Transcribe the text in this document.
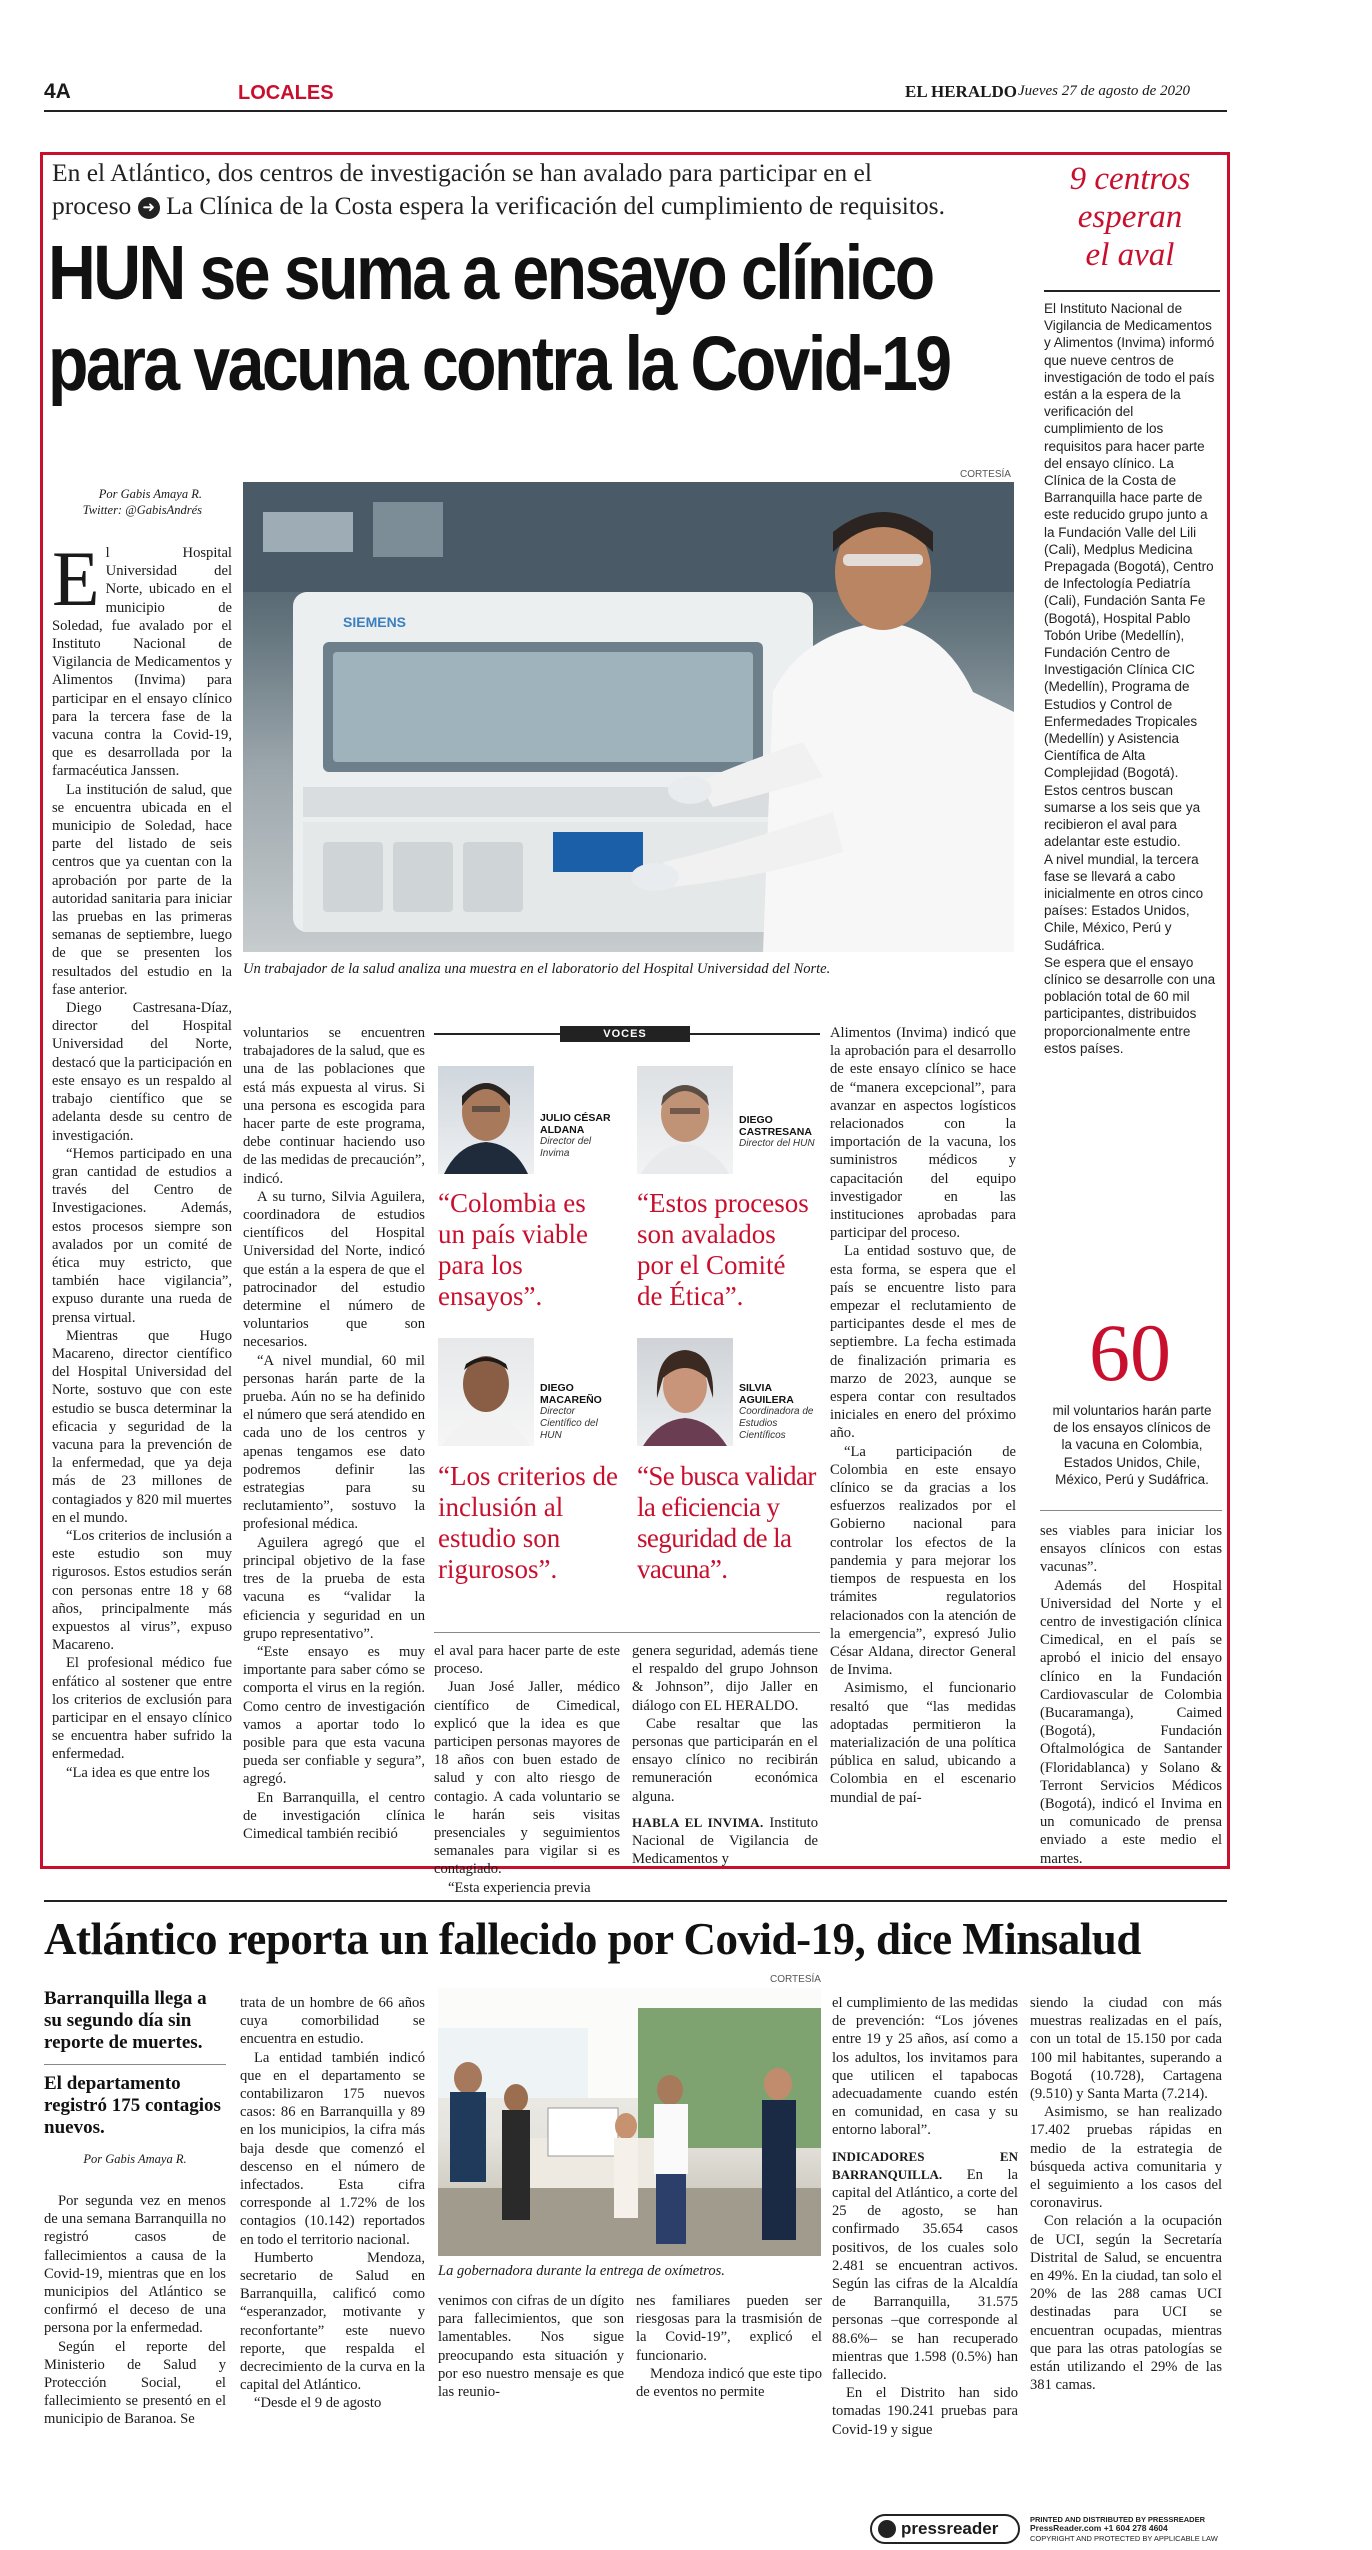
4A	LOCALES	EL HERALDO Jueves 27 de agosto de 2020
En el Atlántico, dos centros de investigación se han avalado para participar en el
proceso ➜ La Clínica de la Costa espera la verificación del cumplimiento de requisitos.
HUN se suma a ensayo clínico
para vacuna contra la Covid-19
9 centros
esperan
el aval

El Instituto Nacional de Vigilancia de Medicamentos y Alimentos (Invima) informó que nueve centros de investigación de todo el país están a la espera de la verificación del cumplimiento de los requisitos para hacer parte del ensayo clínico. La Clínica de la Costa de Barranquilla hace parte de este reducido grupo junto a la Fundación Valle del Lili (Cali), Medplus Medicina Prepagada (Bogotá), Centro de Infectología Pediatría (Cali), Fundación Santa Fe (Bogotá), Hospital Pablo Tobón Uribe (Medellín), Fundación Centro de Investigación Clínica CIC (Medellín), Programa de Estudios y Control de Enfermedades Tropicales (Medellín) y Asistencia Científica de Alta Complejidad (Bogotá).

Estos centros buscan sumarse a los seis que ya recibieron el aval para adelantar este estudio.

A nivel mundial, la tercera fase se llevará a cabo inicialmente en otros cinco países: Estados Unidos, Chile, México, Perú y Sudáfrica.

Se espera que el ensayo clínico se desarrolle con una población total de 60 mil participantes, distribuidos proporcionalmente entre estos países.

60
mil voluntarios harán parte de los ensayos clínicos de la vacuna en Colombia, Estados Unidos, Chile, México, Perú y Sudáfrica.
Por Gabis Amaya R.
Twitter: @GabisAndrés
CORTESÍA
SIEMENS
Un trabajador de la salud analiza una muestra en el laboratorio del Hospital Universidad del Norte.

El Hospital Universidad del Norte, ubicado en el municipio de Soledad, fue avalado por el Instituto Nacional de Vigilancia de Medicamentos y Alimentos (Invima) para participar en el ensayo clínico para la tercera fase de la vacuna contra la Covid-19, que es desarrollada por la farmacéutica Janssen.

La institución de salud, que se encuentra ubicada en el municipio de Soledad, hace parte del listado de seis centros que ya cuentan con la aprobación por parte de la autoridad sanitaria para iniciar las pruebas en las primeras semanas de septiembre, luego de que se presenten los resultados del estudio en la fase anterior.

Diego Castresana-Díaz, director del Hospital Universidad del Norte, destacó que la participación en este ensayo es un respaldo al trabajo científico que se adelanta desde su centro de investigación.

“Hemos participado en una gran cantidad de estudios a través del Centro de Investigaciones. Además, estos procesos siempre son avalados por un comité de ética muy estricto, que también hace vigilancia”, expuso durante una rueda de prensa virtual.

Mientras que Hugo Macareno, director científico del Hospital Universidad del Norte, sostuvo que con este estudio se busca determinar la eficacia y seguridad de la vacuna para la prevención de la enfermedad, que ya deja más de 23 millones de contagiados y 820 mil muertes en el mundo.

“Los criterios de inclusión a este estudio son muy rigurosos. Estos estudios serán con personas entre 18 y 68 años, principalmente más expuestos al virus”, expuso Macareno.

El profesional médico fue enfático al sostener que entre los criterios de exclusión para participar en el ensayo clínico se encuentra haber sufrido la enfermedad.

“La idea es que entre los

voluntarios se encuentren trabajadores de la salud, que es una de las poblaciones que está más expuesta al virus. Si una persona es escogida para hacer parte de este programa, debe continuar haciendo uso de las medidas de precaución”, indicó.

A su turno, Silvia Aguilera, coordinadora de estudios científicos del Hospital Universidad del Norte, indicó que están a la espera de que el patrocinador del estudio determine el número de voluntarios que son necesarios.

“A nivel mundial, 60 mil personas harán parte de la prueba. Aún no se ha definido el número que será atendido en cada uno de los centros y apenas tengamos ese dato podremos definir las estrategias para su reclutamiento”, sostuvo la profesional médica.

Aguilera agregó que el principal objetivo de la fase tres de la prueba de esta vacuna es “validar la eficiencia y seguridad en un grupo representativo”.

“Este ensayo es muy importante para saber cómo se comporta el virus en la región. Como centro de investigación vamos a aportar todo lo posible para que esta vacuna pueda ser confiable y segura”, agregó.

En Barranquilla, el centro de investigación clínica Cimedical también recibió

VOCES
JULIO CÉSAR ALDANA
Director del Invima
“Colombia es un país viable para los ensayos”.
DIEGO CASTRESANA
Director del HUN
“Estos procesos son avalados por el Comité de Ética”.
DIEGO MACAREÑO
Director Científico del HUN
“Los criterios de inclusión al estudio son rigurosos”.
SILVIA AGUILERA
Coordinadora de Estudios Científicos
“Se busca validar la eficiencia y seguridad de la vacuna”.

el aval para hacer parte de este proceso.

Juan José Jaller, médico científico de Cimedical, explicó que la idea es que participen personas mayores de 18 años con buen estado de salud y con alto riesgo de contagio. A cada voluntario se le harán seis visitas presenciales y seguimientos semanales para vigilar si es contagiado.

“Esta experiencia previa

genera seguridad, además tiene el respaldo del grupo Johnson & Johnson”, dijo Jaller en diálogo con EL HERALDO.

Cabe resaltar que las personas que participarán en el ensayo clínico no recibirán remuneración económica alguna.

HABLA EL INVIMA. Instituto Nacional de Vigilancia de Medicamentos y

Alimentos (Invima) indicó que la aprobación para el desarrollo de este ensayo clínico se hace de “manera excepcional”, para avanzar en aspectos logísticos relacionados con la importación de la vacuna, los suministros médicos y capacitación del equipo investigador en las instituciones aprobadas para participar del proceso.

La entidad sostuvo que, de esta forma, se espera que el país se encuentre listo para empezar el reclutamiento de participantes desde el mes de septiembre. La fecha estimada de finalización primaria es marzo de 2023, aunque se espera contar con resultados iniciales en enero del próximo año.

“La participación de Colombia en este ensayo clínico se da gracias a los esfuerzos realizados por el Gobierno nacional para controlar los efectos de la pandemia y para mejorar los tiempos de respuesta en los trámites regulatorios relacionados con la atención de la emergencia”, expresó Julio César Aldana, director General de Invima.

Asimismo, el funcionario resaltó que “las medidas adoptadas permitieron la materialización de una política pública en salud, ubicando a Colombia en el escenario mundial de paí-

ses viables para iniciar los ensayos clínicos con estas vacunas”.

Además del Hospital Universidad del Norte y el centro de investigación clínica Cimedical, en el país se aprobó el inicio del ensayo clínico en la Fundación Cardiovascular de Colombia (Bucaramanga), Caimed (Bogotá), Fundación Oftalmológica de Santander (Floridablanca) y Solano & Terront Servicios Médicos (Bogotá), indicó el Invima en un comunicado de prensa enviado a este medio el martes.

Atlántico reporta un fallecido por Covid-19, dice Minsalud
Barranquilla llega a su segundo día sin reporte de muertes.
El departamento registró 175 contagios nuevos.
Por Gabis Amaya R.

Por segunda vez en menos de una semana Barranquilla no registró casos de fallecimientos a causa de la Covid-19, mientras que en los municipios del Atlántico se confirmó el deceso de una persona por la enfermedad.

Según el reporte del Ministerio de Salud y Protección Social, el fallecimiento se presentó en el municipio de Baranoa. Se

trata de un hombre de 66 años cuya comorbilidad se encuentra en estudio.

La entidad también indicó que en el departamento se contabilizaron 175 nuevos casos: 86 en Barranquilla y 89 en los municipios, la cifra más baja desde que comenzó el descenso en el número de infectados. Esta cifra corresponde al 1.72% de los contagios (10.142) reportados en todo el territorio nacional.

Humberto Mendoza, secretario de Salud en Barranquilla, calificó como “esperanzador, motivante y reconfortante” este nuevo reporte, que respalda el decrecimiento de la curva en la capital del Atlántico.

“Desde el 9 de agosto

CORTESÍA
La gobernadora durante la entrega de oxímetros.

venimos con cifras de un dígito para fallecimientos, que son lamentables. Nos sigue preocupando esta situación y por eso nuestro mensaje es que las reunio-

nes familiares pueden ser riesgosas para la trasmisión de la Covid-19”, explicó el funcionario.

Mendoza indicó que este tipo de eventos no permite

el cumplimiento de las medidas de prevención: “Los jóvenes entre 19 y 25 años, así como a los adultos, los invitamos para que utilicen el tapabocas adecuadamente cuando estén en comunidad, en casa y su entorno laboral”.

INDICADORES EN BARRANQUILLA. En la capital del Atlántico, a corte del 25 de agosto, se han confirmado 35.654 casos positivos, de los cuales solo 2.481 se encuentran activos. Según las cifras de la Alcaldía de Barranquilla, 31.575 personas –que corresponde al 88.6%– se han recuperado mientras que 1.598 (0.5%) han fallecido.

En el Distrito han sido tomadas 190.241 pruebas para Covid-19 y sigue

siendo la ciudad con más muestras realizadas en el país, con un total de 15.150 por cada 100 mil habitantes, superando a Bogotá (10.728), Cartagena (9.510) y Santa Marta (7.214).

Asimismo, se han realizado 17.402 pruebas rápidas en medio de la estrategia de búsqueda activa comunitaria y el seguimiento a los casos del coronavirus.

Con relación a la ocupación de UCI, según la Secretaría Distrital de Salud, se encuentra en 49%. En la ciudad, tan solo el 20% de las 288 camas UCI destinadas para UCI se encuentran ocupadas, mientras que para las otras patologías se están utilizando el 29% de las 381 camas.

pressreader	PRINTED AND DISTRIBUTED BY PRESSREADER
PressReader.com +1 604 278 4604
COPYRIGHT AND PROTECTED BY APPLICABLE LAW
